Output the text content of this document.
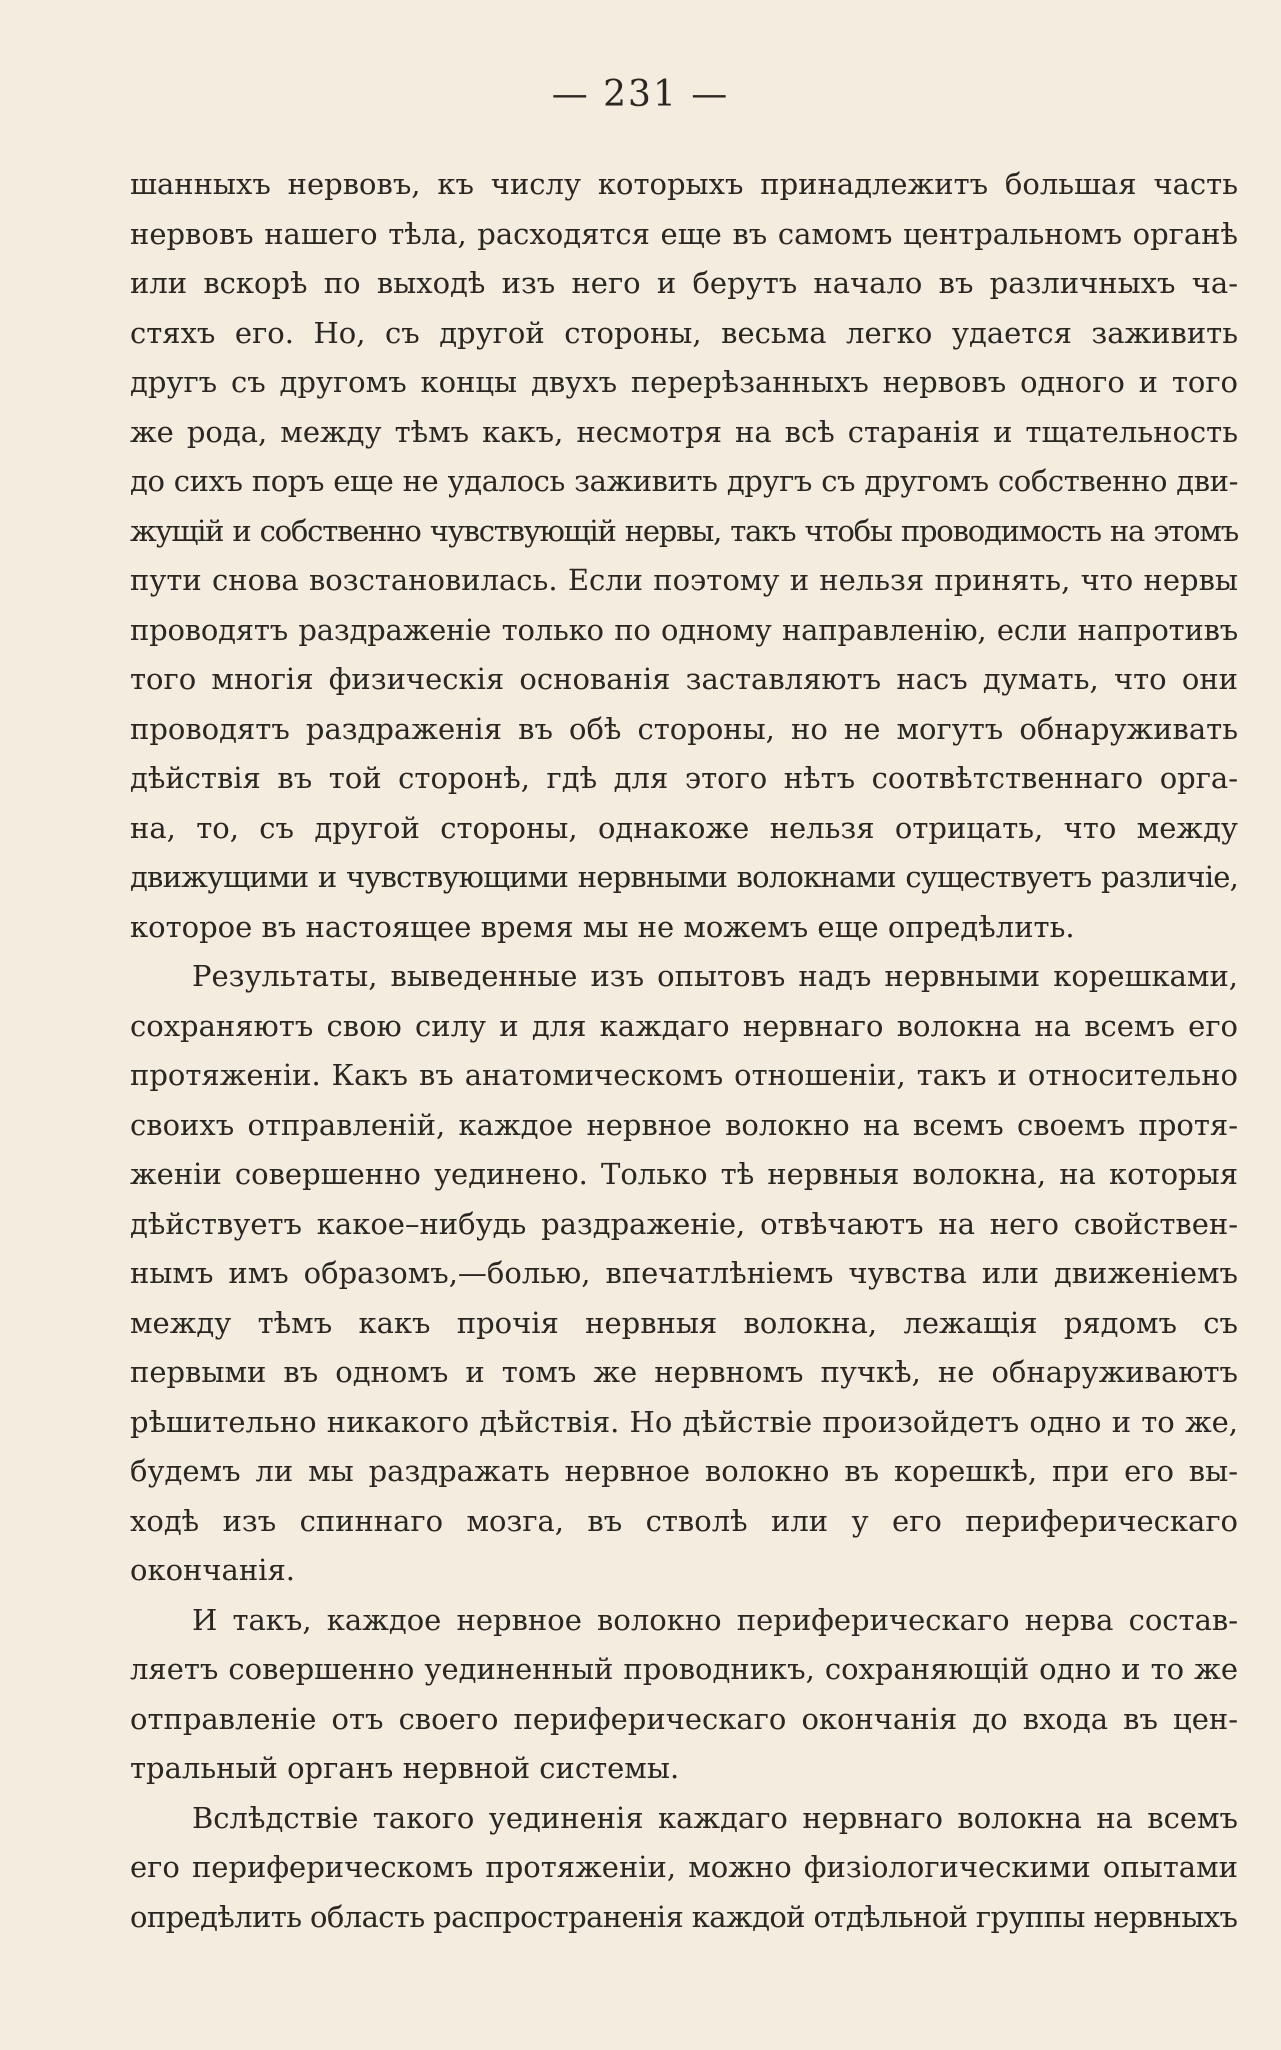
— 231 —
шанныхъ нервовъ, къ числу которыхъ принадлежитъ большая часть
нервовъ нашего тѣла, расходятся еще въ самомъ центральномъ органѣ
или вскорѣ по выходѣ изъ него и берутъ начало въ различныхъ ча-
стяхъ его. Но, съ другой стороны, весьма легко удается заживить
другъ съ другомъ концы двухъ перерѣзанныхъ нервовъ одного и того
же рода, между тѣмъ какъ, несмотря на всѣ старанія и тщательность
до сихъ поръ еще не удалось заживить другъ съ другомъ собственно дви-
жущій и собственно чувствующій нервы, такъ чтобы проводимость на этомъ
пути снова возстановилась. Если поэтому и нельзя принять, что нервы
проводятъ раздраженіе только по одному направленію, если напротивъ
того многія физическія основанія заставляютъ насъ думать, что они
проводятъ раздраженія въ обѣ стороны, но не могутъ обнаруживать
дѣйствія въ той сторонѣ, гдѣ для этого нѣтъ соотвѣтственнаго орга-
на, то, съ другой стороны, однакоже нельзя отрицать, что между
движущими и чувствующими нервными волокнами существуетъ различіе,
которое въ настоящее время мы не можемъ еще опредѣлить.
Результаты, выведенные изъ опытовъ надъ нервными корешками,
сохраняютъ свою силу и для каждаго нервнаго волокна на всемъ его
протяженіи. Какъ въ анатомическомъ отношеніи, такъ и относительно
своихъ отправленій, каждое нервное волокно на всемъ своемъ протя-
женіи совершенно уединено. Только тѣ нервныя волокна, на которыя
дѣйствуетъ какое–нибудь раздраженіе, отвѣчаютъ на него свойствен-
нымъ имъ образомъ,—болью, впечатлѣніемъ чувства или движеніемъ
между тѣмъ какъ прочія нервныя волокна, лежащія рядомъ съ
первыми въ одномъ и томъ же нервномъ пучкѣ, не обнаруживаютъ
рѣшительно никакого дѣйствія. Но дѣйствіе произойдетъ одно и то же,
будемъ ли мы раздражать нервное волокно въ корешкѣ, при его вы-
ходѣ изъ спиннаго мозга, въ стволѣ или у его периферическаго
окончанія.
И такъ, каждое нервное волокно периферическаго нерва состав-
ляетъ совершенно уединенный проводникъ, сохраняющій одно и то же
отправленіе отъ своего периферическаго окончанія до входа въ цен-
тральный органъ нервной системы.
Вслѣдствіе такого уединенія каждаго нервнаго волокна на всемъ
его периферическомъ протяженіи, можно физіологическими опытами
опредѣлить область распространенія каждой отдѣльной группы нервныхъ
